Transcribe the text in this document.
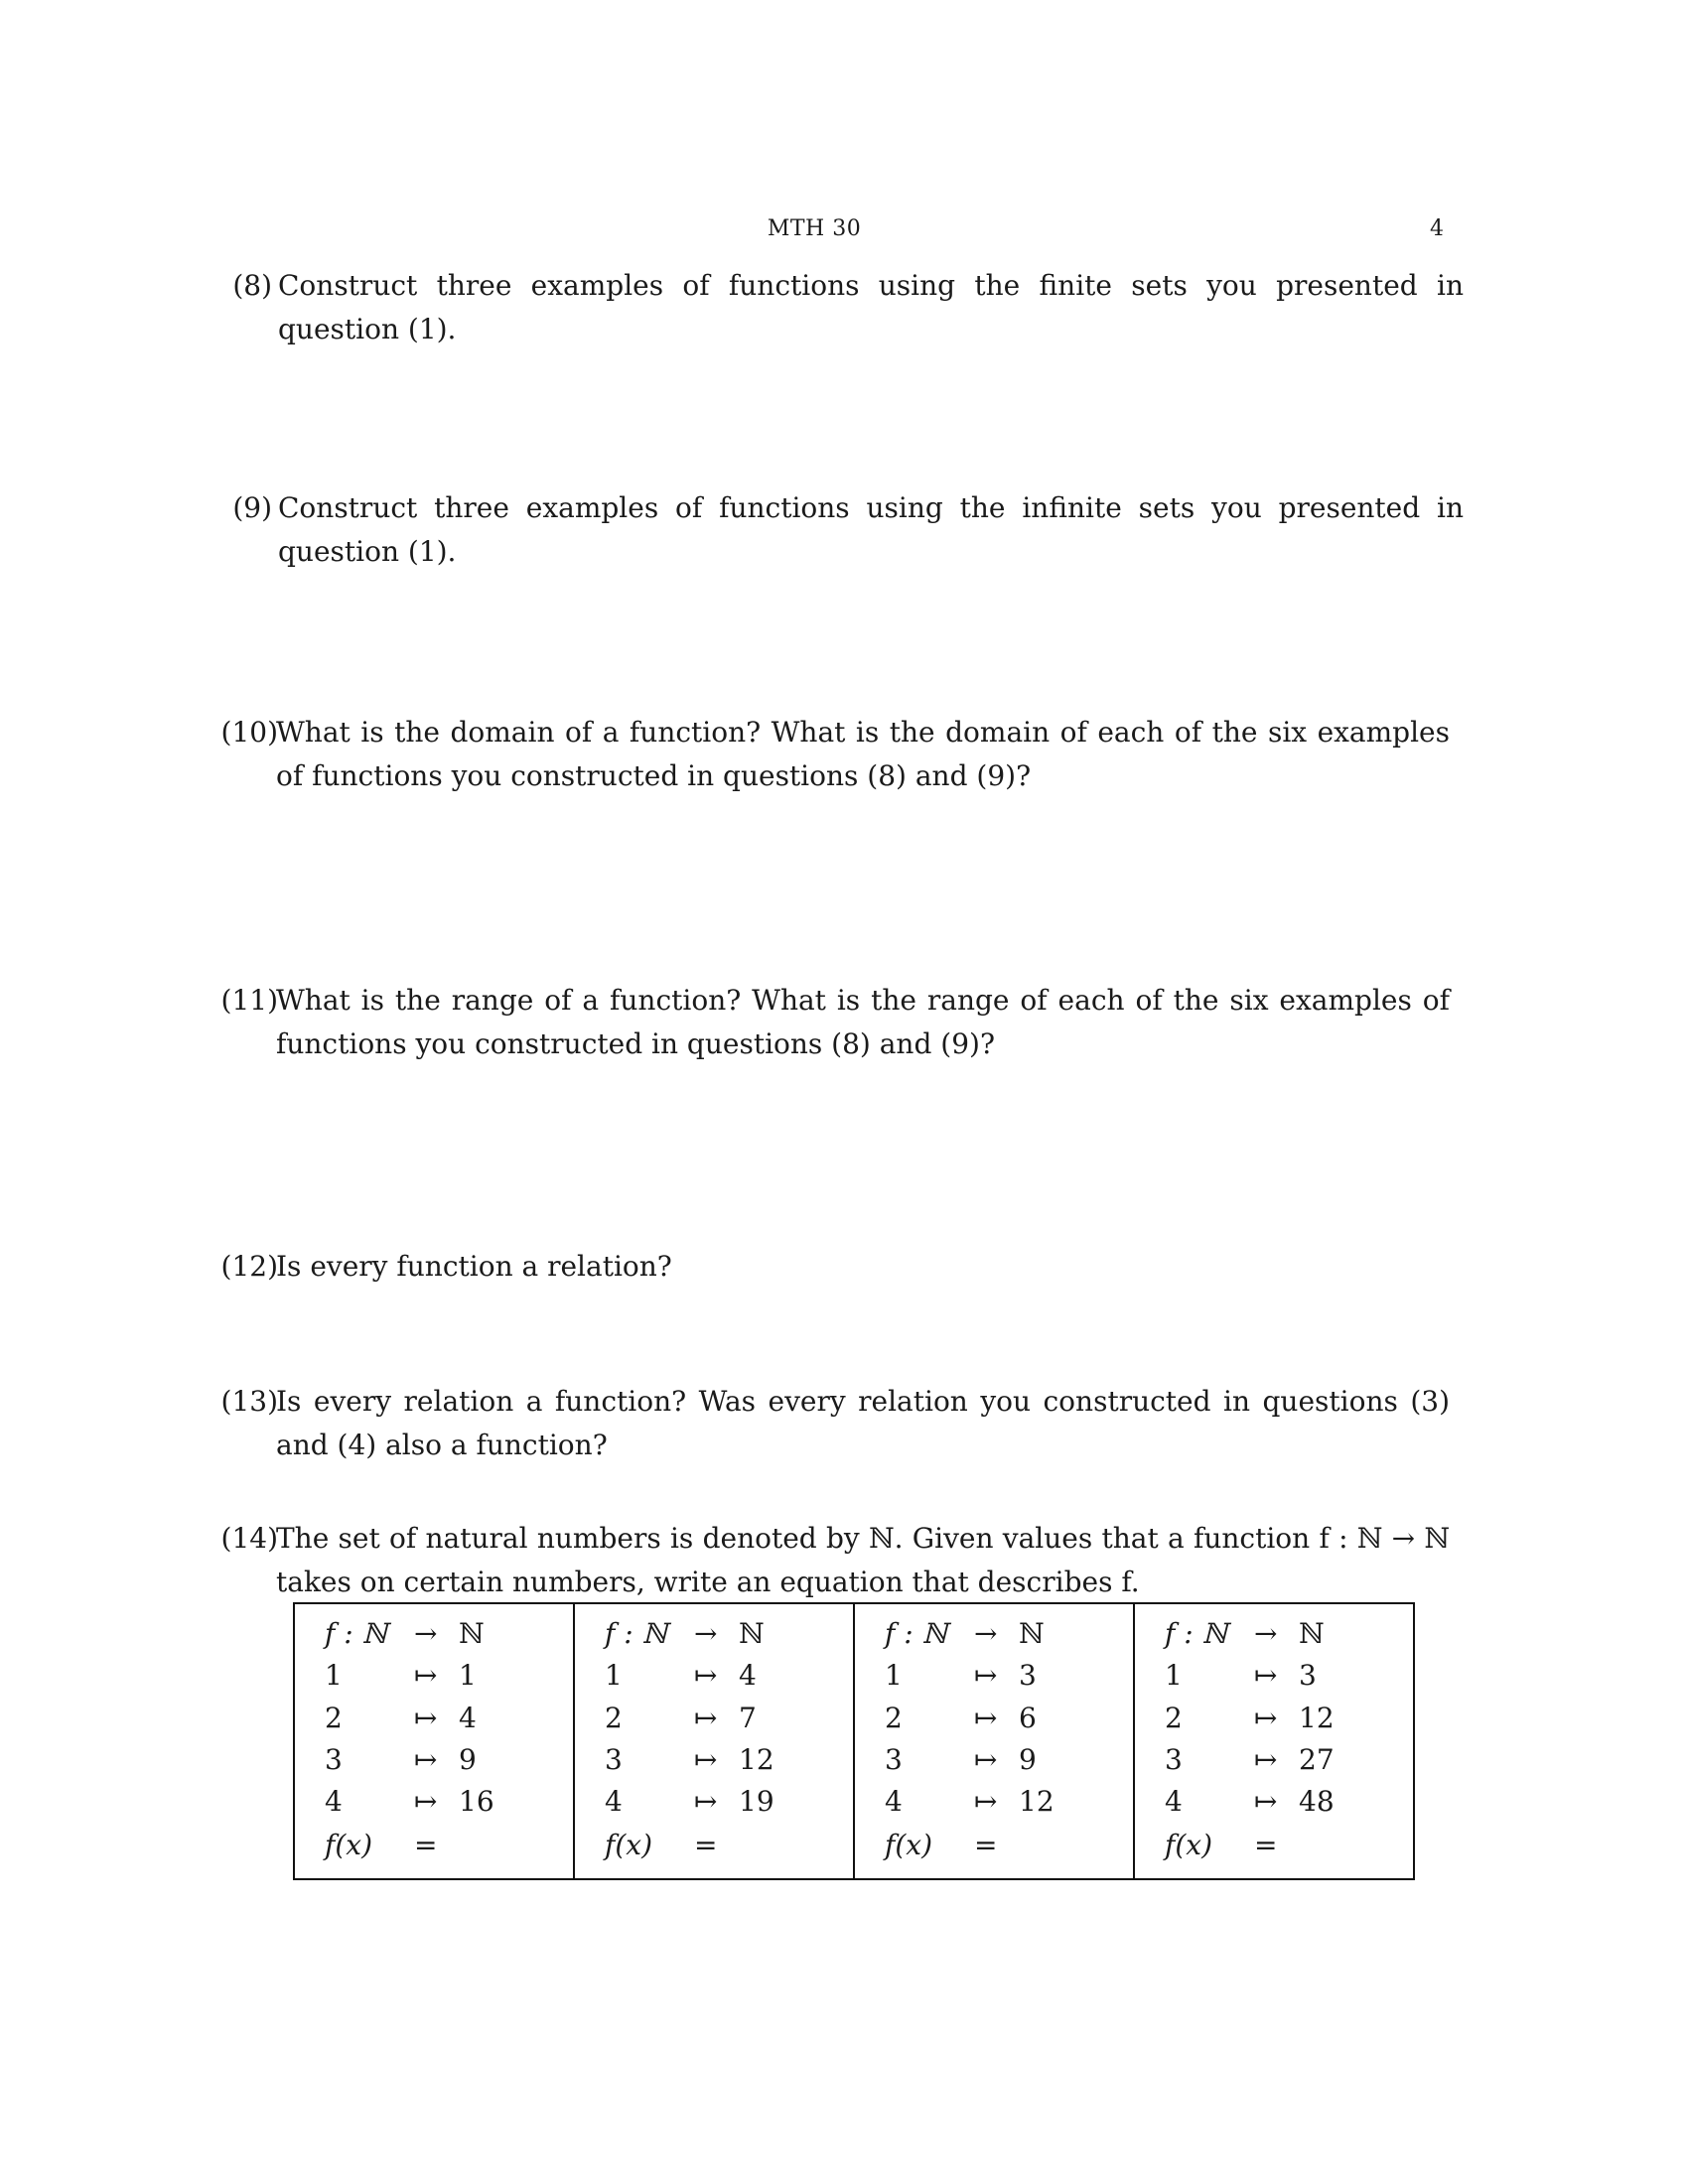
MTH 30	4
(8) Construct three examples of functions using the finite sets you presented in question (1).
(9) Construct three examples of functions using the infinite sets you presented in question (1).
(10)
What is the domain of a function? What is the domain of each of the six examples of functions you constructed in questions (8) and (9)?
(11)
What is the range of a function? What is the range of each of the six examples of functions you constructed in questions (8) and (9)?
(12)
Is every function a relation?
(13)
Is every relation a function? Was every relation you constructed in questions (3) and (4) also a function?
(14)
The set of natural numbers is denoted by ℕ. Given values that a function f : ℕ → ℕ takes on certain numbers, write an equation that describes f.
f : ℕ → ℕ
1	↦ 1
2	↦ 4
3	↦ 9
4	↦ 16
f(x) =
f : ℕ → ℕ
1	↦ 4
2	↦ 7
3	↦ 12
4	↦ 19
f(x) =
f : ℕ → ℕ
1	↦ 3
2	↦ 6
3	↦ 9
4	↦ 12
f(x) =
f : ℕ → ℕ
1	↦ 3
2	↦ 12
3	↦ 27
4	↦ 48
f(x) =
